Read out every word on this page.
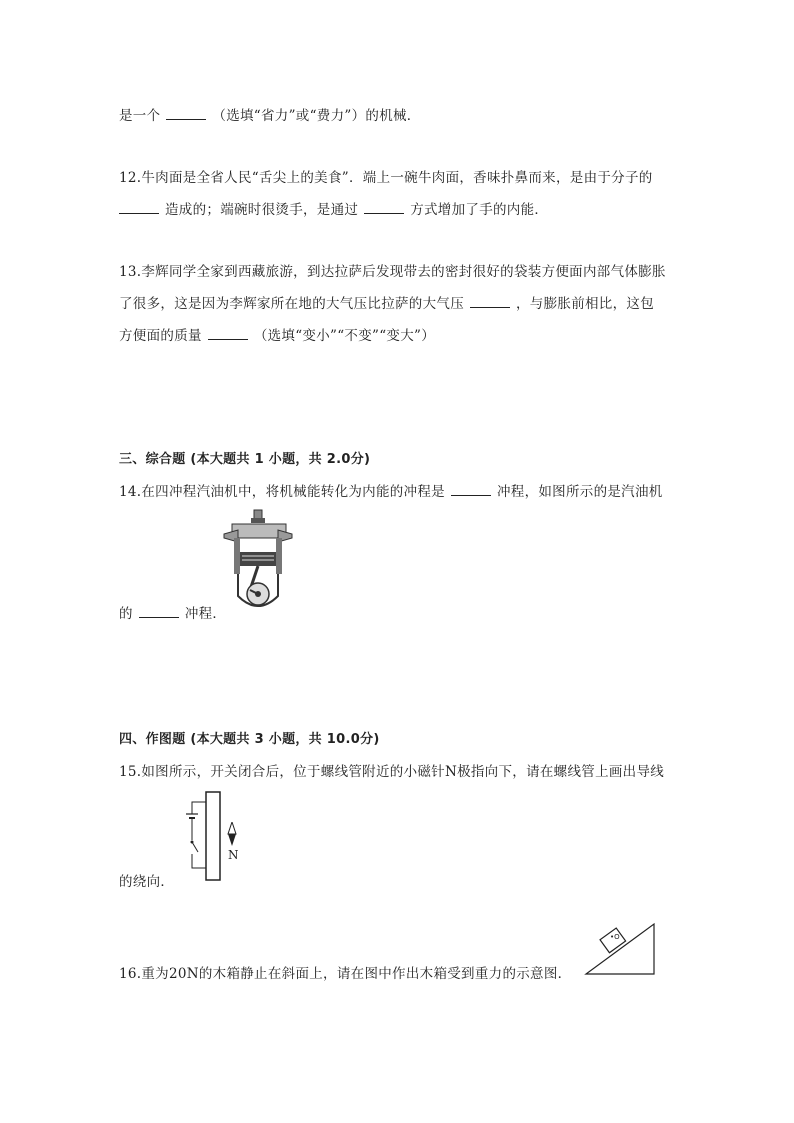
是一个	（选填“省力”或“费力”）的机械．
12.牛肉面是全省人民“舌尖上的美食”．端上一碗牛肉面，香味扑鼻而来，是由于分子的
造成的；端碗时很烫手，是通过	方式增加了手的内能．
13.李辉同学全家到西藏旅游，到达拉萨后发现带去的密封很好的袋装方便面内部气体膨胀
了很多，这是因为李辉家所在地的大气压比拉萨的大气压	，与膨胀前相比，这包
方便面的质量	（选填“变小”“不变”“变大”）
三、综合题 (本大题共 1 小题，共 2.0分)
14.在四冲程汽油机中，将机械能转化为内能的冲程是	冲程，如图所示的是汽油机
的	冲程．
四、作图题 (本大题共 3 小题，共 10.0分)
15.如图所示，开关闭合后，位于螺线管附近的小磁针N极指向下，请在螺线管上画出导线
N
的绕向．
16.重为20N的木箱静止在斜面上，请在图中作出木箱受到重力的示意图．
•O
